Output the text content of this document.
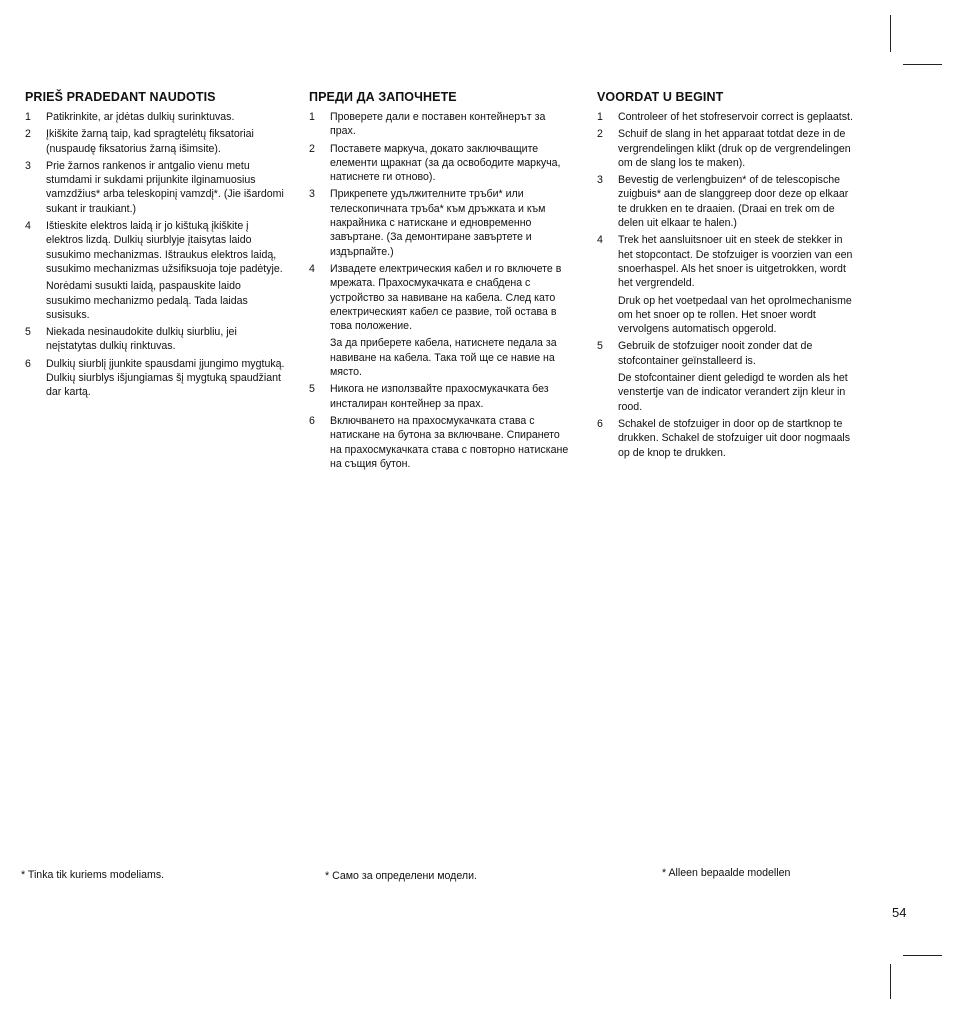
PRIEŠ PRADEDANT NAUDOTIS
1	Patikrinkite, ar įdėtas dulkių surinktuvas.

2	Įkiškite žarną taip, kad spragtelėtų fiksatoriai (nuspaudę fiksatorius žarną išimsite).

3	Prie žarnos rankenos ir antgalio vienu metu stumdami ir sukdami prijunkite ilginamuosius vamzdžius* arba teleskopinį vamzdį*. (Jie išardomi sukant ir traukiant.)

4	Ištieskite elektros laidą ir jo kištuką įkiškite į elektros lizdą. Dulkių siurblyje įtaisytas laido susukimo mechanizmas. Ištraukus elektros laidą, susukimo mechanizmas užsifiksuoja toje padėtyje.

Norėdami susukti laidą, paspauskite laido susukimo mechanizmo pedalą. Tada laidas susisuks.

5	Niekada nesinaudokite dulkių siurbliu, jei neįstatytas dulkių rinktuvas.

6	Dulkių siurblį įjunkite spausdami įjungimo mygtuką. Dulkių siurblys išjungiamas šį mygtuką spaudžiant dar kartą.

ПРЕДИ ДА ЗАПОЧНЕТЕ
1	Проверете дали е поставен контейнерът за прах.

2	Поставете маркуча, докато заключващите елементи щракнат (за да освободите маркуча, натиснете ги отново).

3	Прикрепете удължителните тръби* или телескопичната тръба* към дръжката и към накрайника с натискане и едновременно завъртане. (За демонтиране завъртете и издърпайте.)

4	Извадете електрическия кабел и го включете в мрежата. Прахосмукачката е снабдена с устройство за навиване на кабела. След като електрическият кабел се развие, той остава в това положение.

За да приберете кабела, натиснете педала за навиване на кабела. Така той ще се навие на мястo.

5	Никога не използвайте прахосмукачката без инсталиран контейнер за прах.

6	Включването на прахосмукачката става с натискане на бутона за включване. Спирането на прахосмукачката става с повторно натискане на същия бутон.

VOORDAT U BEGINT
1	Controleer of het stofreservoir correct is geplaatst.

2	Schuif de slang in het apparaat totdat deze in de vergrendelingen klikt (druk op de vergrendelingen om de slang los te maken).

3	Bevestig de verlengbuizen* of de telescopische zuigbuis* aan de slanggreep door deze op elkaar te drukken en te draaien. (Draai en trek om de delen uit elkaar te halen.)

4	Trek het aansluitsnoer uit en steek de stekker in het stopcontact. De stofzuiger is voorzien van een snoerhaspel. Als het snoer is uitgetrokken, wordt het vergrendeld.

Druk op het voetpedaal van het oprolmechanisme om het snoer op te rollen. Het snoer wordt vervolgens automatisch opgerold.

5	Gebruik de stofzuiger nooit zonder dat de stofcontainer geïnstalleerd is.

De stofcontainer dient geledigd te worden als het venstertje van de indicator verandert zijn kleur in rood.

6	Schakel de stofzuiger in door op de startknop te drukken. Schakel de stofzuiger uit door nogmaals op de knop te drukken.

* Tinka tik kuriems modeliams.	* Само за определени модели.	* Alleen bepaalde modellen
54
